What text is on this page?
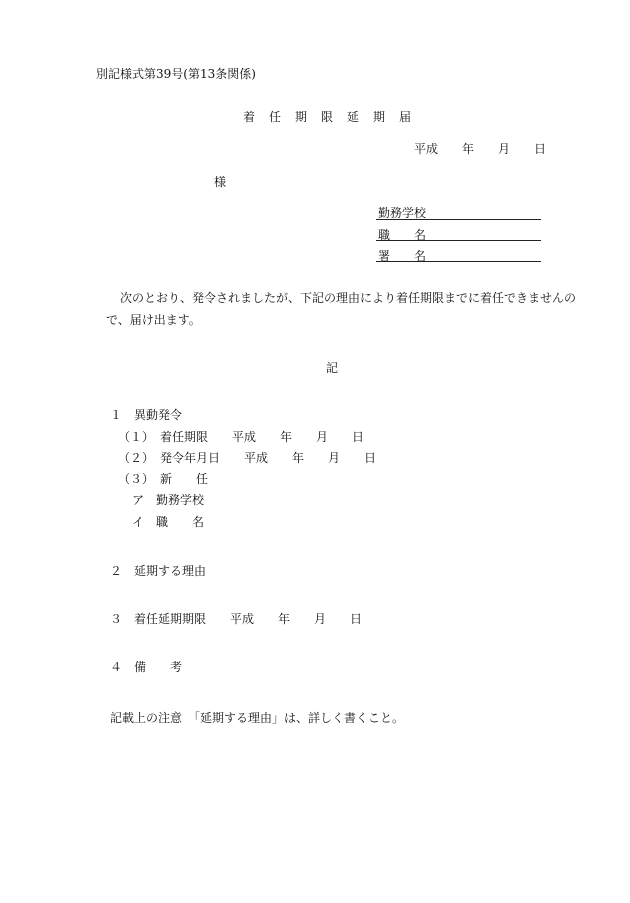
別記様式第39号(第13条関係)
着　任　期　限　延　期　届
平成　　年　　月　　日
様
勤務学校
職　　名
署　　名
　次のとおり、発令されましたが、下記の理由により着任期限までに着任できませんの
で、届け出ます。
記
１　異動発令
（１）　着任期限　　平成　　年　　月　　日
（２）　発令年月日　　平成　　年　　月　　日
（３）　新　　任
ア　勤務学校
イ　職　　名
２　延期する理由
３　着任延期期限　　平成　　年　　月　　日
４　備　　考
記載上の注意　「延期する理由」は、詳しく書くこと。
